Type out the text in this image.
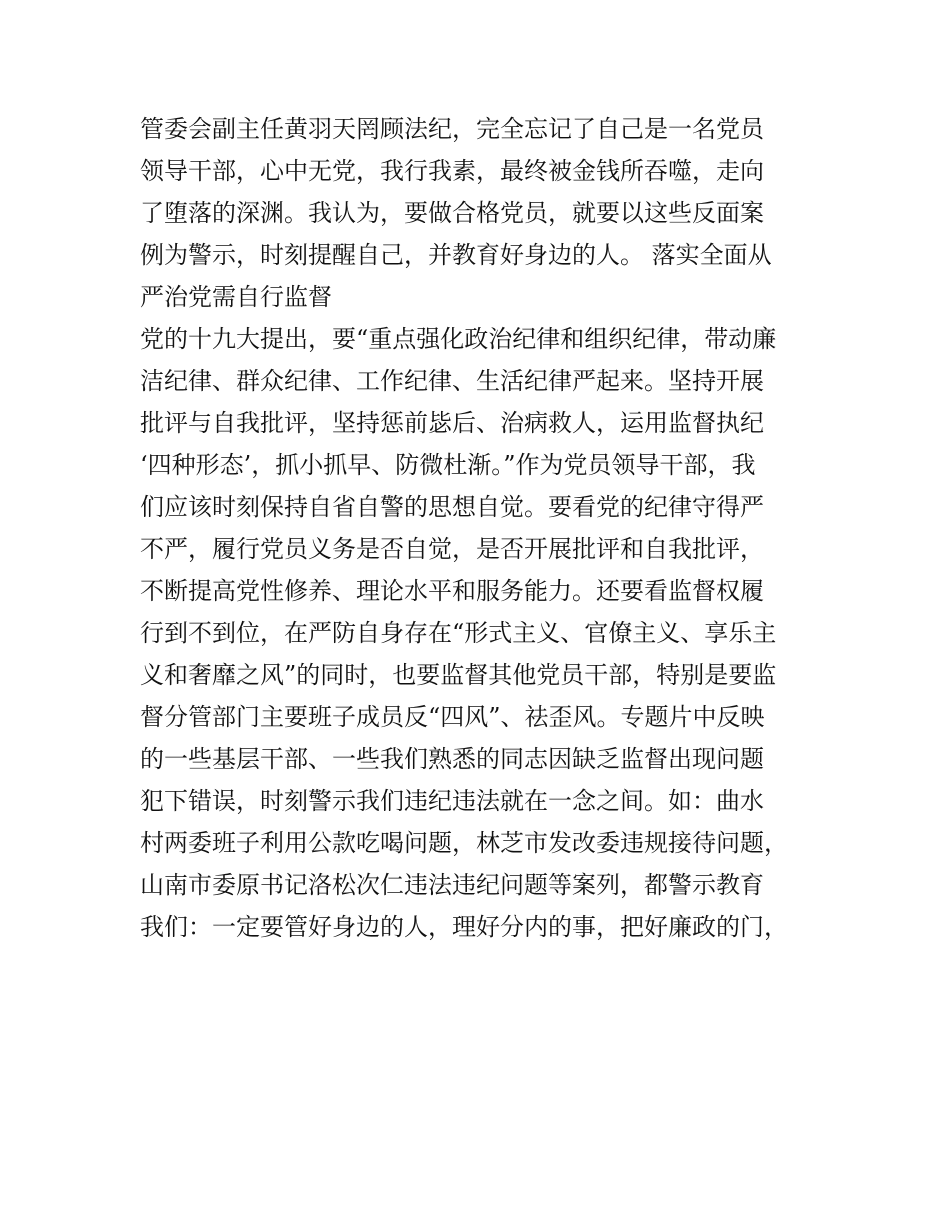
管委会副主任黄羽天罔顾法纪，完全忘记了自己是一名党员
领导干部，心中无党，我行我素，最终被金钱所吞噬，走向
了堕落的深渊。我认为，要做合格党员，就要以这些反面案
例为警示，时刻提醒自己，并教育好身边的人。 落实全面从
严治党需自行监督
党的十九大提出，要“重点强化政治纪律和组织纪律，带动廉
洁纪律、群众纪律、工作纪律、生活纪律严起来。坚持开展
批评与自我批评，坚持惩前毖后、治病救人，运用监督执纪
‘四种形态’，抓小抓早、防微杜渐。”作为党员领导干部，我
们应该时刻保持自省自警的思想自觉。要看党的纪律守得严
不严，履行党员义务是否自觉，是否开展批评和自我批评，
不断提高党性修养、理论水平和服务能力。还要看监督权履
行到不到位，在严防自身存在“形式主义、官僚主义、享乐主
义和奢靡之风”的同时，也要监督其他党员干部，特别是要监
督分管部门主要班子成员反“四风”、祛歪风。专题片中反映
的一些基层干部、一些我们熟悉的同志因缺乏监督出现问题
犯下错误，时刻警示我们违纪违法就在一念之间。如：曲水
村两委班子利用公款吃喝问题，林芝市发改委违规接待问题，
山南市委原书记洛松次仁违法违纪问题等案列，都警示教育
我们：一定要管好身边的人，理好分内的事，把好廉政的门，
